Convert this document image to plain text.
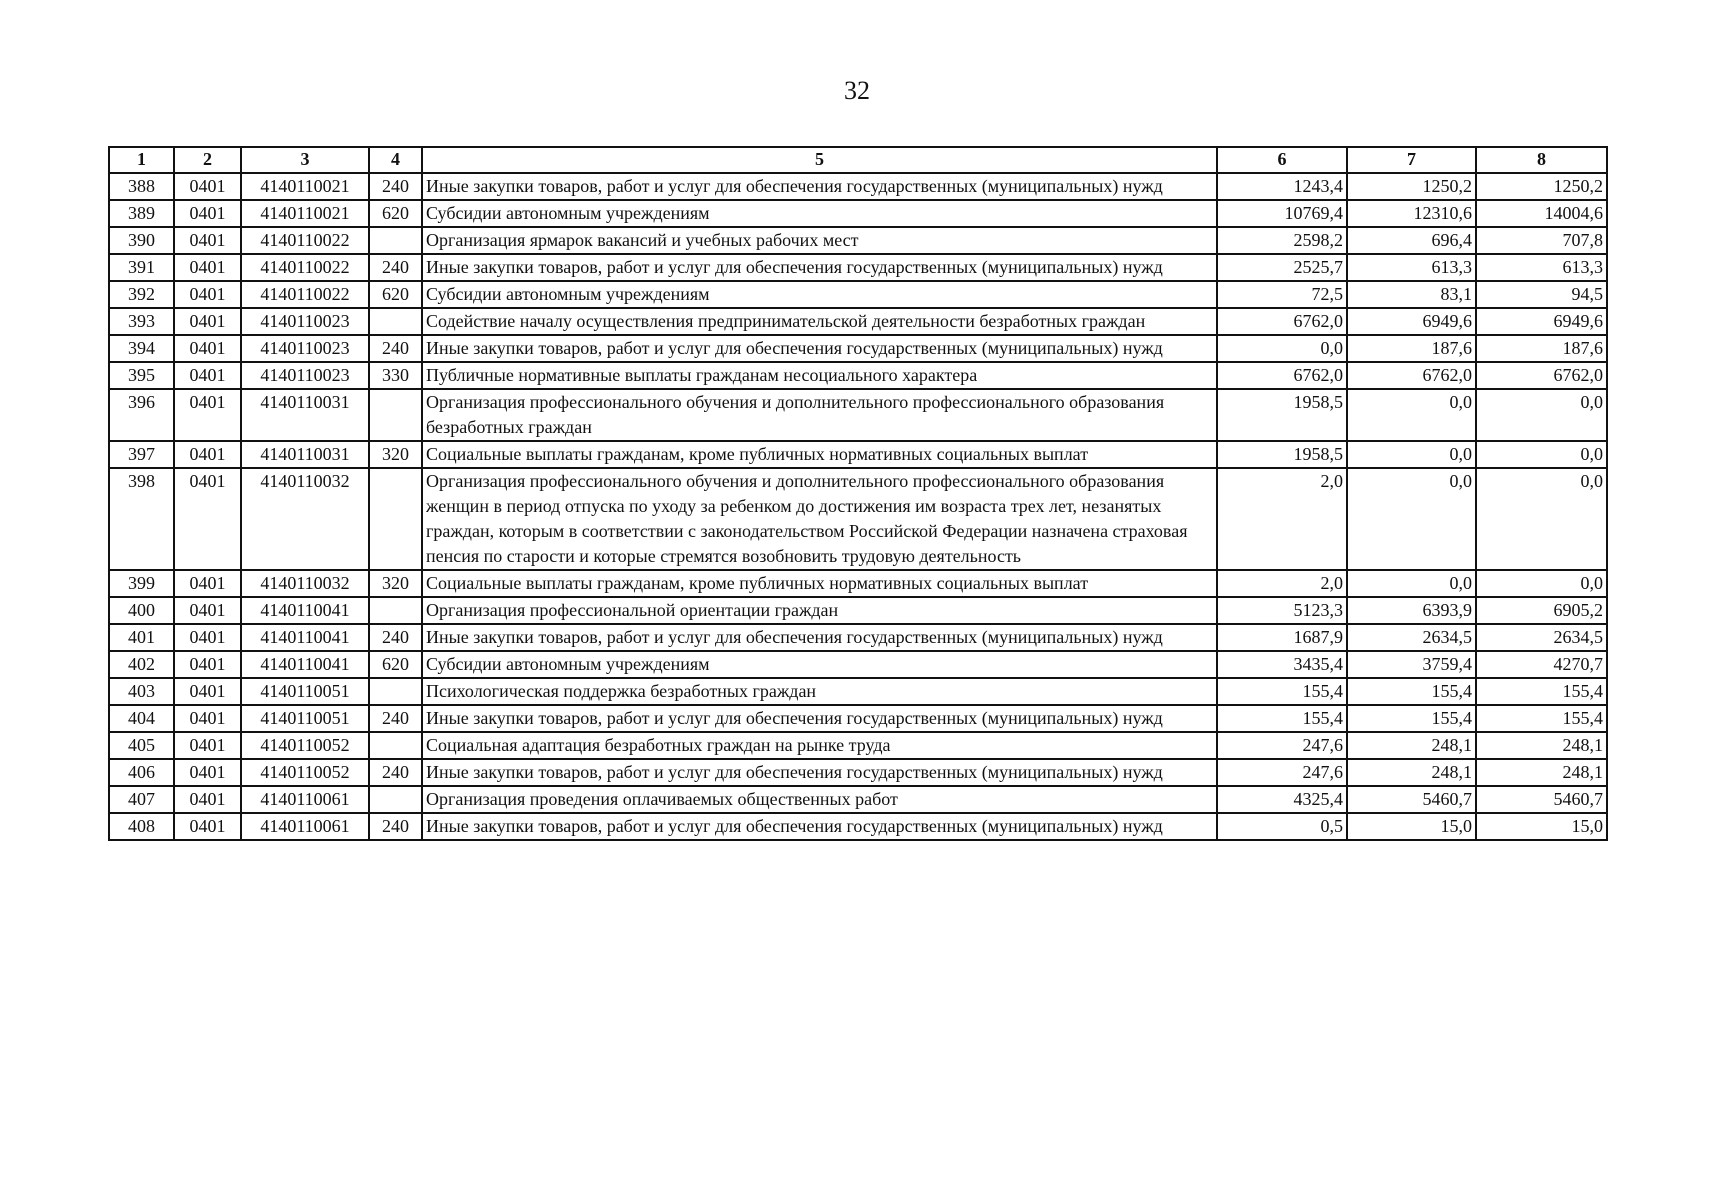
32
1	2	3	4	5	6	7	8
388	0401	4140110021	240	Иные закупки товаров, работ и услуг для обеспечения государственных (муниципальных) нужд	1243,4	1250,2	1250,2
389	0401	4140110021	620	Субсидии автономным учреждениям	10769,4	12310,6	14004,6
390	0401	4140110022		Организация ярмарок вакансий и учебных рабочих мест	2598,2	696,4	707,8
391	0401	4140110022	240	Иные закупки товаров, работ и услуг для обеспечения государственных (муниципальных) нужд	2525,7	613,3	613,3
392	0401	4140110022	620	Субсидии автономным учреждениям	72,5	83,1	94,5
393	0401	4140110023		Содействие началу осуществления предпринимательской деятельности безработных граждан	6762,0	6949,6	6949,6
394	0401	4140110023	240	Иные закупки товаров, работ и услуг для обеспечения государственных (муниципальных) нужд	0,0	187,6	187,6
395	0401	4140110023	330	Публичные нормативные выплаты гражданам несоциального характера	6762,0	6762,0	6762,0
396	0401	4140110031		Организация профессионального обучения и дополнительного профессионального образования безработных граждан	1958,5	0,0	0,0
397	0401	4140110031	320	Социальные выплаты гражданам, кроме публичных нормативных социальных выплат	1958,5	0,0	0,0
398	0401	4140110032		Организация профессионального обучения и дополнительного профессионального образования женщин в период отпуска по уходу за ребенком до достижения им возраста трех лет, незанятых граждан, которым в соответствии с законодательством Российской Федерации назначена страховая пенсия по старости и которые стремятся возобновить трудовую деятельность	2,0	0,0	0,0
399	0401	4140110032	320	Социальные выплаты гражданам, кроме публичных нормативных социальных выплат	2,0	0,0	0,0
400	0401	4140110041		Организация профессиональной ориентации граждан	5123,3	6393,9	6905,2
401	0401	4140110041	240	Иные закупки товаров, работ и услуг для обеспечения государственных (муниципальных) нужд	1687,9	2634,5	2634,5
402	0401	4140110041	620	Субсидии автономным учреждениям	3435,4	3759,4	4270,7
403	0401	4140110051		Психологическая поддержка безработных граждан	155,4	155,4	155,4
404	0401	4140110051	240	Иные закупки товаров, работ и услуг для обеспечения государственных (муниципальных) нужд	155,4	155,4	155,4
405	0401	4140110052		Социальная адаптация безработных граждан на рынке труда	247,6	248,1	248,1
406	0401	4140110052	240	Иные закупки товаров, работ и услуг для обеспечения государственных (муниципальных) нужд	247,6	248,1	248,1
407	0401	4140110061		Организация проведения оплачиваемых общественных работ	4325,4	5460,7	5460,7
408	0401	4140110061	240	Иные закупки товаров, работ и услуг для обеспечения государственных (муниципальных) нужд	0,5	15,0	15,0
